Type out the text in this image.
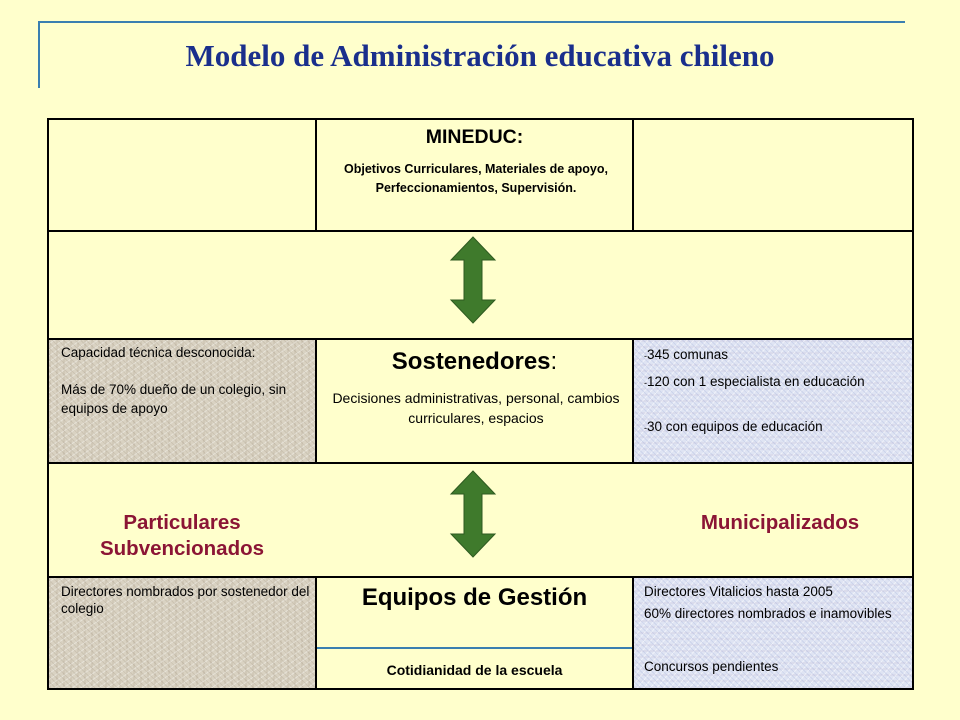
Modelo de Administración educativa chileno
MINEDUC:
Objetivos Curriculares, Materiales de apoyo, Perfeccionamientos, Supervisión.
Sostenedores:
Decisiones administrativas, personal, cambios curriculares, espacios
Capacidad técnica desconocida:
Más de 70% dueño de un colegio, sin equipos de apoyo
-345 comunas
-120 con 1 especialista en educación
-30 con equipos de educación
Directores nombrados por sostenedor del colegio	Equipos de Gestión
Cotidianidad de la escuela
Directores Vitalicios hasta 2005
60% directores nombrados e inamovibles
Concursos pendientes
Particulares Subvencionados
Municipalizados
